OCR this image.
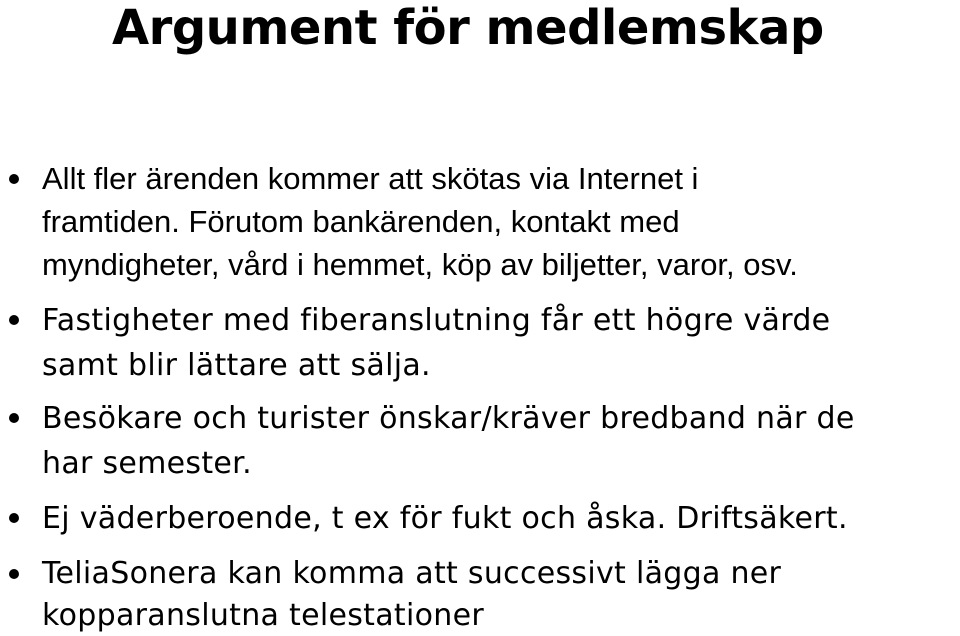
Argument för medlemskap

Allt fler ärenden kommer att skötas via Internet i

framtiden. Förutom bankärenden, kontakt med

myndigheter, vård i hemmet, köp av biljetter, varor, osv.

Fastigheter med fiberanslutning får ett högre värde

samt blir lättare att sälja.

Besökare och turister önskar/kräver bredband när de

har semester.

Ej väderberoende, t ex för fukt och åska. Driftsäkert.

TeliaSonera kan komma att successivt lägga ner

kopparanslutna telestationer
